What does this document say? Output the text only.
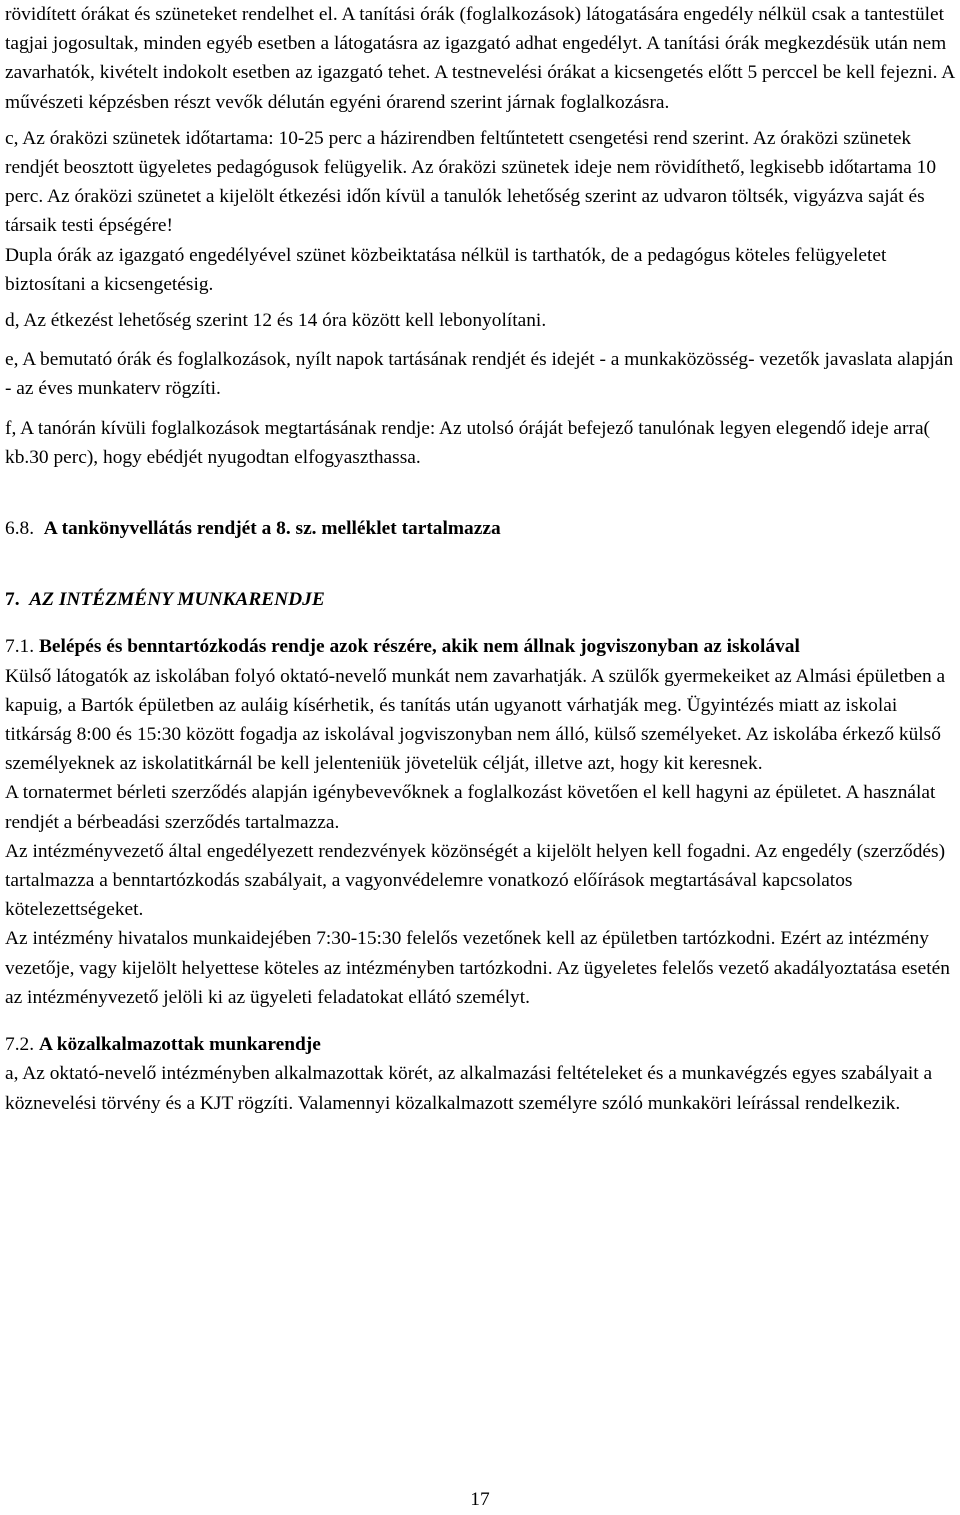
rövidített órákat és szüneteket rendelhet el. A tanítási órák (foglalkozások) látogatására engedély nélkül csak a tantestület tagjai jogosultak, minden egyéb esetben a látogatásra az igazgató adhat engedélyt. A tanítási órák megkezdésük után nem zavarhatók, kivételt indokolt esetben az igazgató tehet. A testnevelési órákat a kicsengetés előtt 5 perccel be kell fejezni. A művészeti képzésben részt vevők délután egyéni órarend szerint járnak foglalkozásra.

c, Az óraközi szünetek időtartama: 10-25 perc a házirendben feltűntetett csengetési rend szerint. Az óraközi szünetek rendjét beosztott ügyeletes pedagógusok felügyelik. Az óraközi szünetek ideje nem rövidíthető, legkisebb időtartama 10 perc. Az óraközi szünetet a kijelölt étkezési időn kívül a tanulók lehetőség szerint az udvaron töltsék, vigyázva saját és társaik testi épségére!

Dupla órák az igazgató engedélyével szünet közbeiktatása nélkül is tarthatók, de a pedagógus köteles felügyeletet biztosítani a kicsengetésig.

d, Az étkezést lehetőség szerint 12 és 14 óra között kell lebonyolítani.

e, A bemutató órák és foglalkozások, nyílt napok tartásának rendjét és idejét - a munkaközösség- vezetők javaslata alapján - az éves munkaterv rögzíti.

f, A tanórán kívüli foglalkozások megtartásának rendje: Az utolsó óráját befejező tanulónak legyen elegendő ideje arra( kb.30 perc), hogy ebédjét nyugodtan elfogyaszthassa.

6.8. A tankönyvellátás rendjét a 8. sz. melléklet tartalmazza

7. AZ INTÉZMÉNY MUNKARENDJE

7.1. Belépés és benntartózkodás rendje azok részére, akik nem állnak jogviszonyban az iskolával

Külső látogatók az iskolában folyó oktató-nevelő munkát nem zavarhatják. A szülők gyermekeiket az Almási épületben a kapuig, a Bartók épületben az auláig kísérhetik, és tanítás után ugyanott várhatják meg. Ügyintézés miatt az iskolai titkárság 8:00 és 15:30 között fogadja az iskolával jogviszonyban nem álló, külső személyeket. Az iskolába érkező külső személyeknek az iskolatitkárnál be kell jelenteniük jövetelük célját, illetve azt, hogy kit keresnek.

A tornatermet bérleti szerződés alapján igénybevevőknek a foglalkozást követően el kell hagyni az épületet. A használat rendjét a bérbeadási szerződés tartalmazza.

Az intézményvezető által engedélyezett rendezvények közönségét a kijelölt helyen kell fogadni. Az engedély (szerződés) tartalmazza a benntartózkodás szabályait, a vagyonvédelemre vonatkozó előírások megtartásával kapcsolatos kötelezettségeket.

Az intézmény hivatalos munkaidejében 7:30-15:30 felelős vezetőnek kell az épületben tartózkodni. Ezért az intézmény vezetője, vagy kijelölt helyettese köteles az intézményben tartózkodni. Az ügyeletes felelős vezető akadályoztatása esetén az intézményvezető jelöli ki az ügyeleti feladatokat ellátó személyt.

7.2. A közalkalmazottak munkarendje

a, Az oktató-nevelő intézményben alkalmazottak körét, az alkalmazási feltételeket és a munkavégzés egyes szabályait a köznevelési törvény és a KJT rögzíti. Valamennyi közalkalmazott személyre szóló munkaköri leírással rendelkezik.

17
